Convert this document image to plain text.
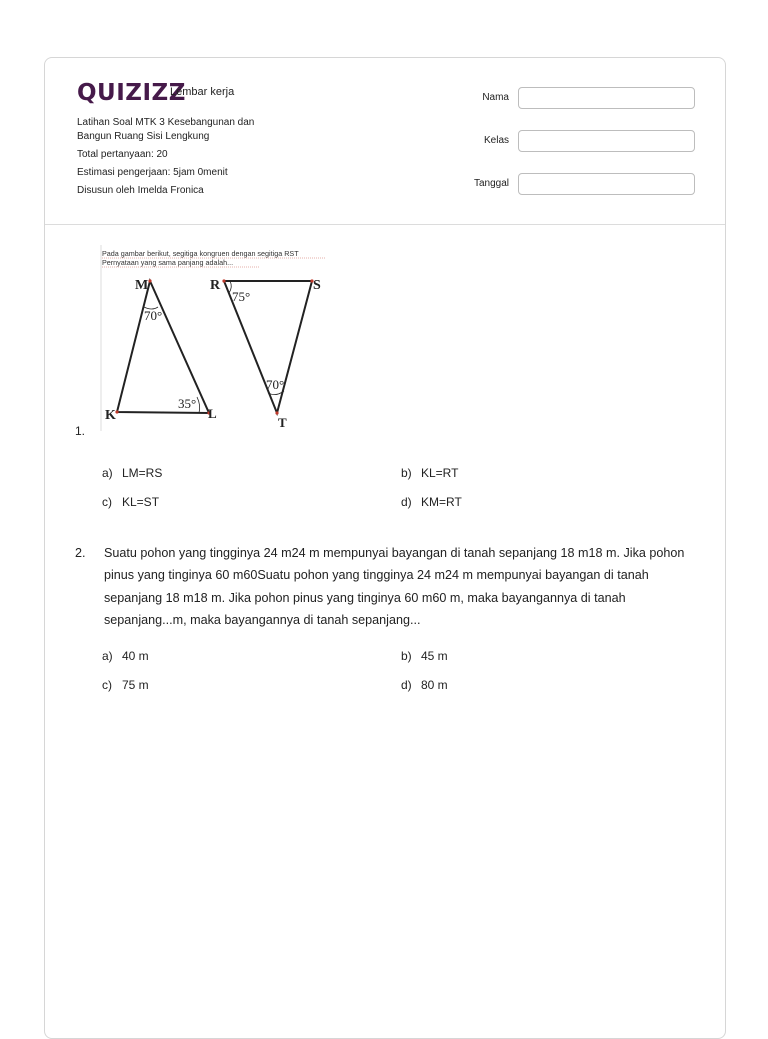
QUIZIZZ
Lembar kerja
Latihan Soal MTK 3 Kesebangunan dan
Bangun Ruang Sisi Lengkung
Total pertanyaan: 20
Estimasi pengerjaan: 5jam 0menit
Disusun oleh Imelda Fronica
Nama
Kelas
Tanggal
1.
Pada gambar berikut, segitiga kongruen dengan segitiga RST
Pernyataan yang sama panjang adalah...
M
K	L
70°
35°
R	S
T
75°
70°
a) LM=RS	b) KL=RT
c) KL=ST	d) KM=RT
2. Suatu pohon yang tingginya 24 m24 m mempunyai bayangan di tanah sepanjang 18 m18 m. Jika pohon pinus yang tinginya 60 m60Suatu pohon yang tingginya 24 m24 m mempunyai bayangan di tanah sepanjang 18 m18 m. Jika pohon pinus yang tinginya 60 m60 m, maka bayangannya di tanah sepanjang...m, maka bayangannya di tanah sepanjang...
a) 40 m	b) 45 m
c) 75 m	d) 80 m
